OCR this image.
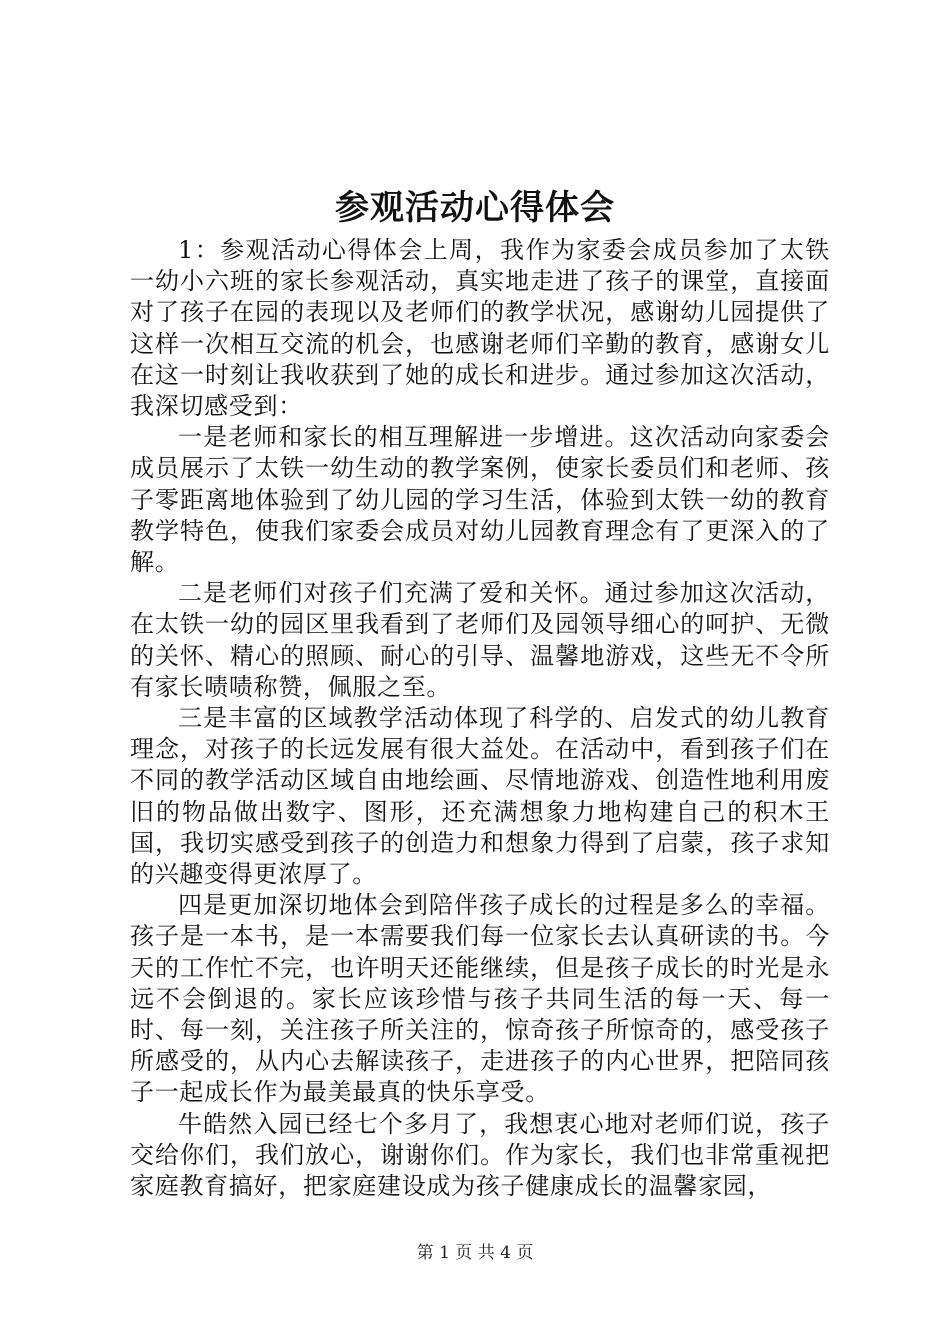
参观活动心得体会

1：参观活动心得体会上周，我作为家委会成员参加了太铁一幼小六班的家长参观活动，真实地走进了孩子的课堂，直接面对了孩子在园的表现以及老师们的教学状况，感谢幼儿园提供了这样一次相互交流的机会，也感谢老师们辛勤的教育，感谢女儿在这一时刻让我收获到了她的成长和进步。通过参加这次活动，我深切感受到：

一是老师和家长的相互理解进一步增进。这次活动向家委会成员展示了太铁一幼生动的教学案例，使家长委员们和老师、孩子零距离地体验到了幼儿园的学习生活，体验到太铁一幼的教育教学特色，使我们家委会成员对幼儿园教育理念有了更深入的了解。

二是老师们对孩子们充满了爱和关怀。通过参加这次活动，在太铁一幼的园区里我看到了老师们及园领导细心的呵护、无微的关怀、精心的照顾、耐心的引导、温馨地游戏，这些无不令所有家长啧啧称赞，佩服之至。

三是丰富的区域教学活动体现了科学的、启发式的幼儿教育理念，对孩子的长远发展有很大益处。在活动中，看到孩子们在不同的教学活动区域自由地绘画、尽情地游戏、创造性地利用废旧的物品做出数字、图形，还充满想象力地构建自己的积木王国，我切实感受到孩子的创造力和想象力得到了启蒙，孩子求知的兴趣变得更浓厚了。

四是更加深切地体会到陪伴孩子成长的过程是多么的幸福。孩子是一本书，是一本需要我们每一位家长去认真研读的书。今天的工作忙不完，也许明天还能继续，但是孩子成长的时光是永远不会倒退的。家长应该珍惜与孩子共同生活的每一天、每一时、每一刻，关注孩子所关注的，惊奇孩子所惊奇的，感受孩子所感受的，从内心去解读孩子，走进孩子的内心世界，把陪同孩子一起成长作为最美最真的快乐享受。

牛皓然入园已经七个多月了，我想衷心地对老师们说，孩子交给你们，我们放心，谢谢你们。作为家长，我们也非常重视把家庭教育搞好，把家庭建设成为孩子健康成长的温馨家园，

第 1 页 共 4 页
